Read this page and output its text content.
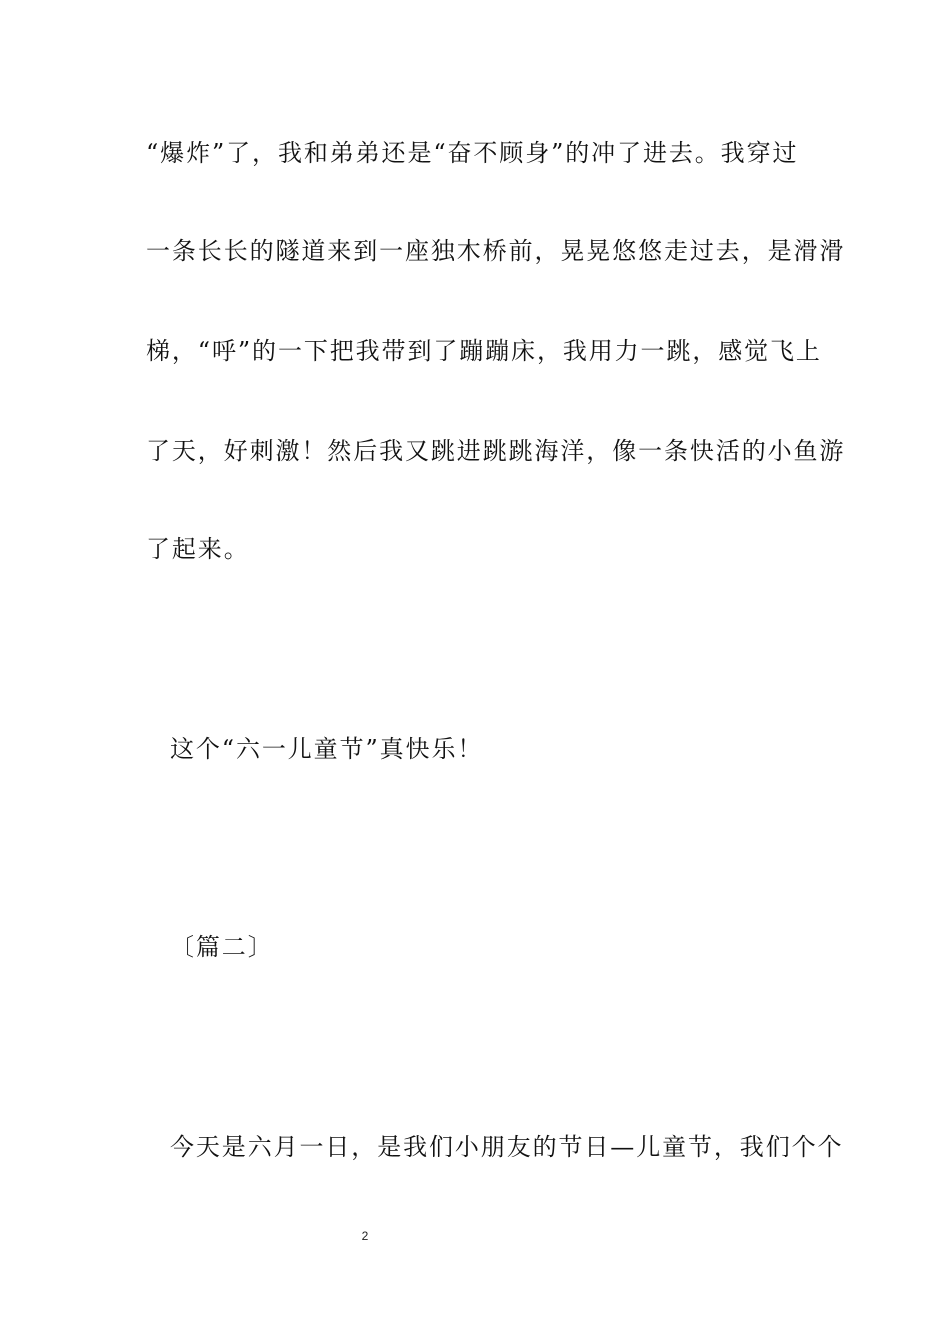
“爆炸”了，我和弟弟还是“奋不顾身”的冲了进去。我穿过
一条长长的隧道来到一座独木桥前，晃晃悠悠走过去，是滑滑
梯，“呼”的一下把我带到了蹦蹦床，我用力一跳，感觉飞上
了天，好刺激！然后我又跳进跳跳海洋，像一条快活的小鱼游
了起来。
这个“六一儿童节”真快乐！
〔篇二〕
今天是六月一日，是我们小朋友的节日—儿童节，我们个个
2
